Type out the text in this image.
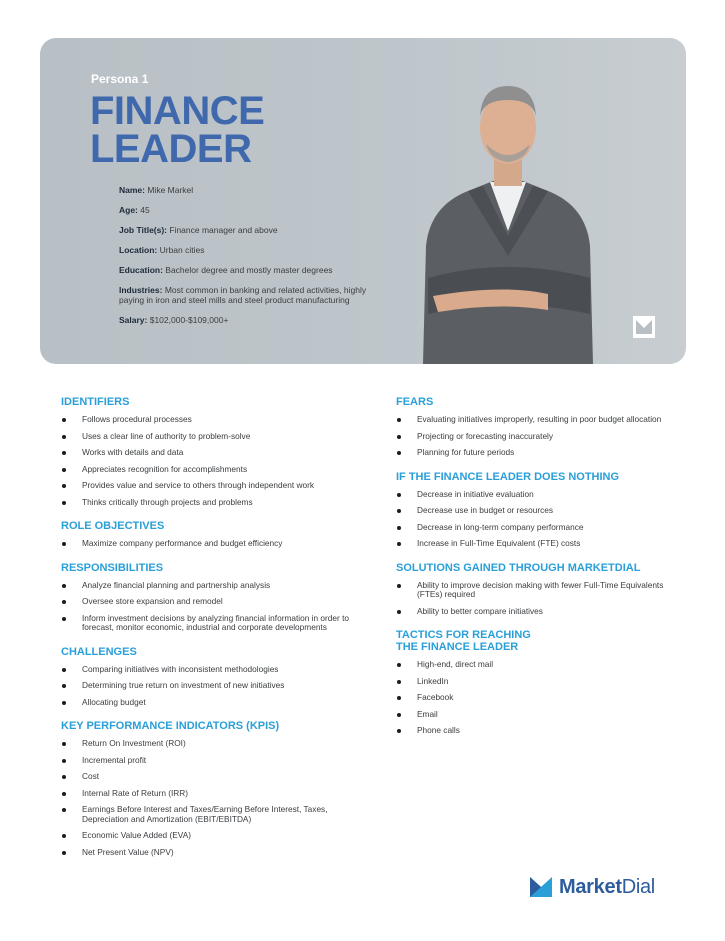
Persona 1
FINANCE
LEADER
Name: Mike Markel
Age: 45
Job Title(s): Finance manager and above
Location: Urban cities
Education: Bachelor degree and mostly master degrees
Industries: Most common in banking and related activities, highly paying in iron and steel mills and steel product manufacturing
Salary: $102,000-$109,000+
IDENTIFIERS
Follows procedural processes
Uses a clear line of authority to problem-solve
Works with details and data
Appreciates recognition for accomplishments
Provides value and service to others through independent work
Thinks critically through projects and problems
ROLE OBJECTIVES
Maximize company performance and budget efficiency
RESPONSIBILITIES
Analyze financial planning and partnership analysis
Oversee store expansion and remodel
Inform investment decisions by analyzing financial information in order to forecast, monitor economic, industrial and corporate developments
CHALLENGES
Comparing initiatives with inconsistent methodologies
Determining true return on investment of new initiatives
Allocating budget
KEY PERFORMANCE INDICATORS (KPIS)
Return On Investment (ROI)
Incremental profit
Cost
Internal Rate of Return (IRR)
Earnings Before Interest and Taxes/Earning Before Interest, Taxes, Depreciation and Amortization (EBIT/EBITDA)
Economic Value Added (EVA)
Net Present Value (NPV)
FEARS
Evaluating initiatives improperly, resulting in poor budget allocation
Projecting or forecasting inaccurately
Planning for future periods
IF THE FINANCE LEADER DOES NOTHING
Decrease in initiative evaluation
Decrease use in budget or resources
Decrease in long-term company performance
Increase in Full-Time Equivalent (FTE) costs
SOLUTIONS GAINED THROUGH MARKETDIAL
Ability to improve decision making with fewer Full-Time Equivalents (FTEs) required
Ability to better compare initiatives
TACTICS FOR REACHING
THE FINANCE LEADER
High-end, direct mail
LinkedIn
Facebook
Email
Phone calls
MarketDial
